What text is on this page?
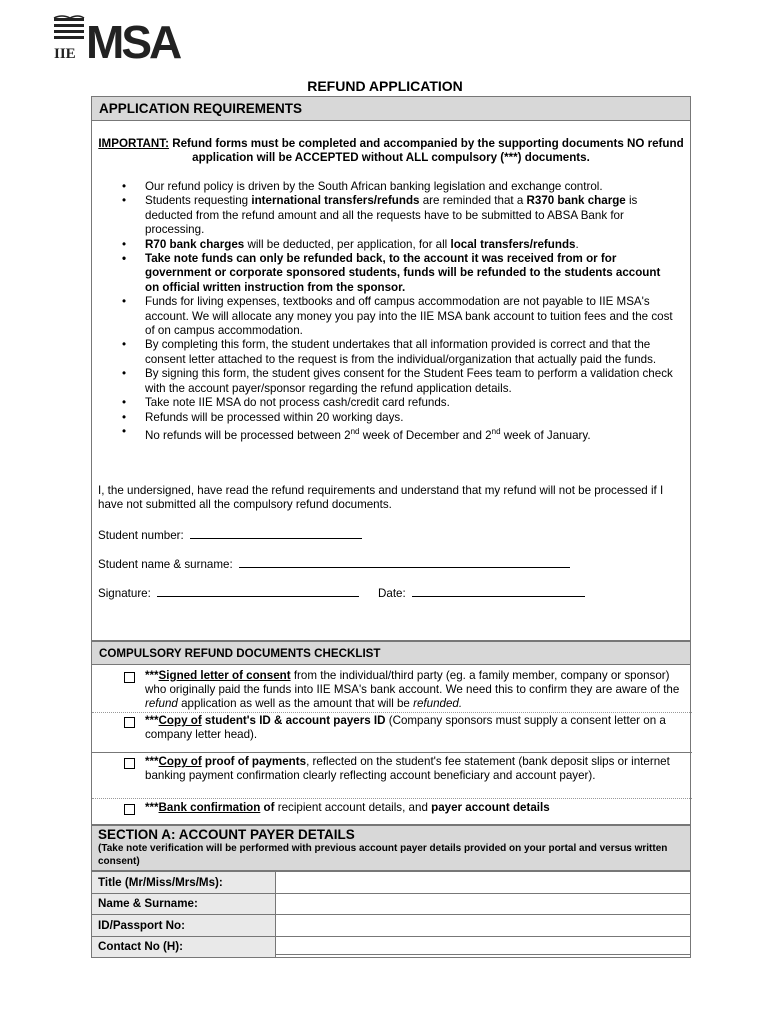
IIE MSA
REFUND APPLICATION
APPLICATION REQUIREMENTS
IMPORTANT: Refund forms must be completed and accompanied by the supporting documents NO refund application will be ACCEPTED without ALL compulsory (***) documents.
• Our refund policy is driven by the South African banking legislation and exchange control.
• Students requesting international transfers/refunds are reminded that a R370 bank charge is deducted from the refund amount and all the requests have to be submitted to ABSA Bank for processing.
• R70 bank charges will be deducted, per application, for all local transfers/refunds.
• Take note funds can only be refunded back, to the account it was received from or for government or corporate sponsored students, funds will be refunded to the students account on official written instruction from the sponsor.
• Funds for living expenses, textbooks and off campus accommodation are not payable to IIE MSA's account. We will allocate any money you pay into the IIE MSA bank account to tuition fees and the cost of on campus accommodation.
• By completing this form, the student undertakes that all information provided is correct and that the consent letter attached to the request is from the individual/organization that actually paid the funds.
• By signing this form, the student gives consent for the Student Fees team to perform a validation check with the account payer/sponsor regarding the refund application details.
• Take note IIE MSA do not process cash/credit card refunds.
• Refunds will be processed within 20 working days.
• No refunds will be processed between 2nd week of December and 2nd week of January.
I, the undersigned, have read the refund requirements and understand that my refund will not be processed if I have not submitted all the compulsory refund documents.
Student number:
Student name & surname:
Signature:	Date:
COMPULSORY REFUND DOCUMENTS CHECKLIST
***Signed letter of consent from the individual/third party (eg. a family member, company or sponsor) who originally paid the funds into IIE MSA's bank account. We need this to confirm they are aware of the refund application as well as the amount that will be refunded.
***Copy of student's ID & account payers ID (Company sponsors must supply a consent letter on a company letter head).
***Copy of proof of payments, reflected on the student's fee statement (bank deposit slips or internet banking payment confirmation clearly reflecting account beneficiary and account payer).
***Bank confirmation of recipient account details, and payer account details
SECTION A: ACCOUNT PAYER DETAILS
(Take note verification will be performed with previous account payer details provided on your portal and versus written consent)
Title (Mr/Miss/Mrs/Ms):	
Name & Surname:	
ID/Passport No:	
Contact No (H):	
